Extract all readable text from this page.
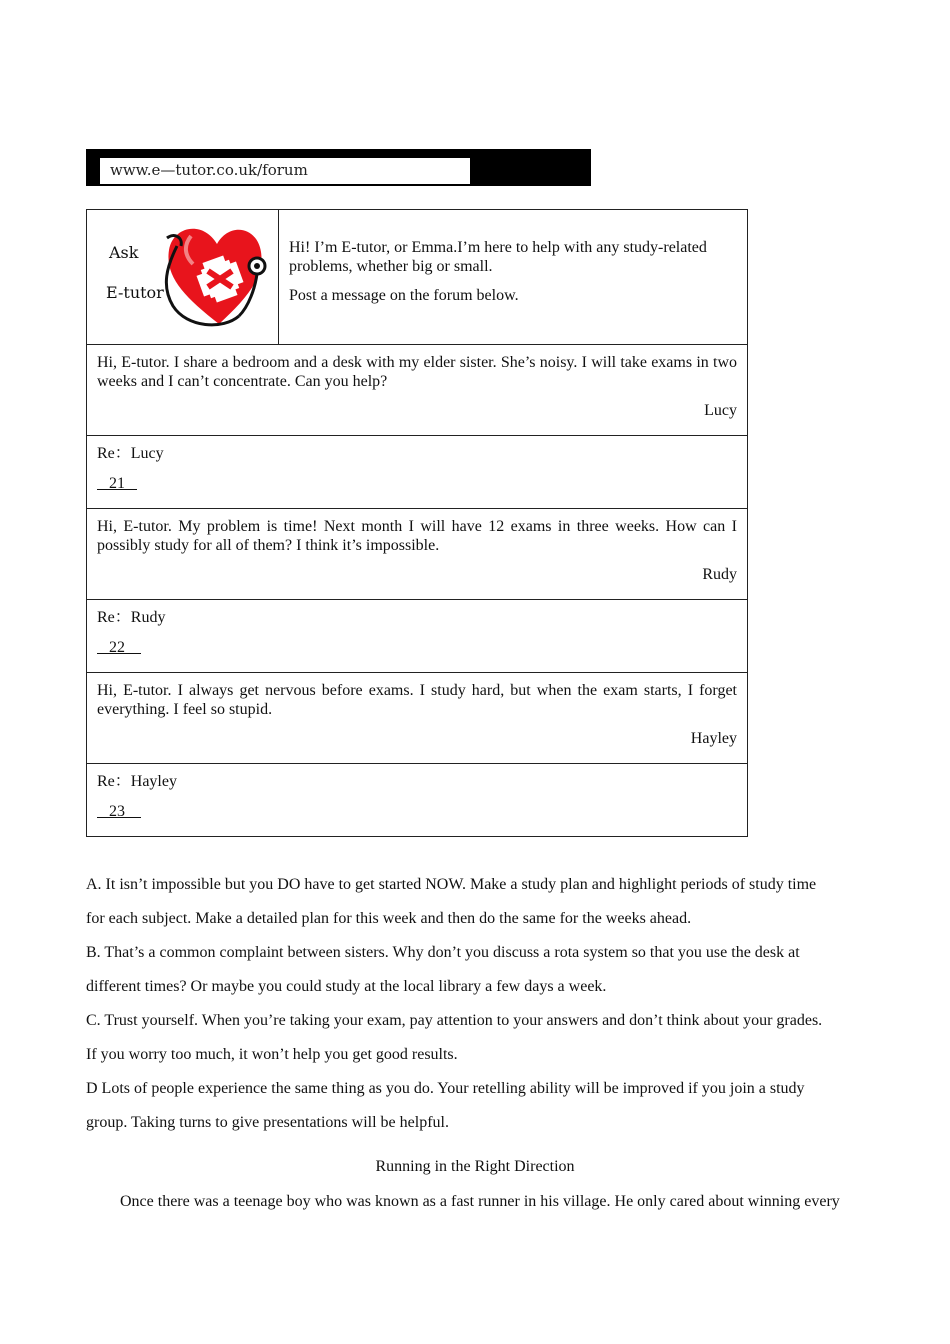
www.e—tutor.co.uk/forum
Ask
E-tutor

Hi! I’m E-tutor, or Emma.I’m here to help with any study-related problems, whether big or small.

Post a message on the forum below.

Hi, E-tutor. I share a bedroom and a desk with my elder sister. She’s noisy. I will take exams in two weeks and I can’t concentrate. Can you help?
Lucy
Re：Lucy
21
Hi, E-tutor. My problem is time! Next month I will have 12 exams in three weeks. How can I possibly study for all of them? I think it’s impossible.
Rudy
Re：Rudy
22
Hi, E-tutor. I always get nervous before exams. I study hard, but when the exam starts, I forget everything. I feel so stupid.
Hayley
Re：Hayley
23

A. It isn’t impossible but you DO have to get started NOW. Make a study plan and highlight periods of study time

for each subject. Make a detailed plan for this week and then do the same for the weeks ahead.

B. That’s a common complaint between sisters. Why don’t you discuss a rota system so that you use the desk at

different times? Or maybe you could study at the local library a few days a week.

C. Trust yourself. When you’re taking your exam, pay attention to your answers and don’t think about your grades.

If you worry too much, it won’t help you get good results.

D Lots of people experience the same thing as you do. Your retelling ability will be improved if you join a study

group. Taking turns to give presentations will be helpful.

Running in the Right Direction
Once there was a teenage boy who was known as a fast runner in his village. He only cared about winning every
